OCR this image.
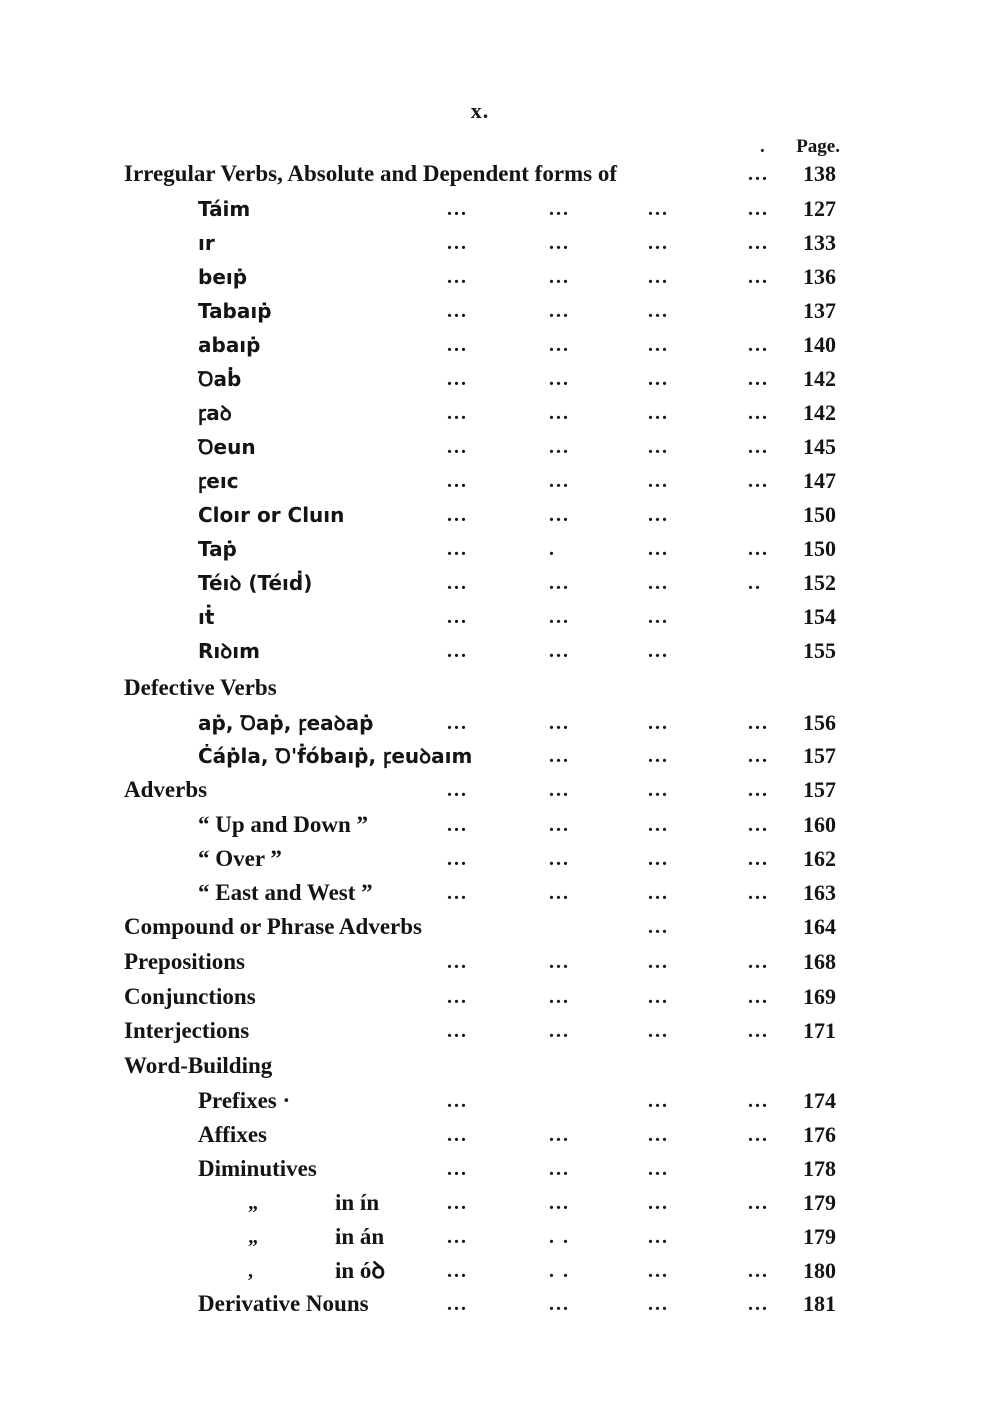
x.
. Page.
Irregular Verbs, Absolute and Dependent forms of	...	138
Táim	...	...	...	...	127
ır	...	...	...	...	133
beıṗ	...	...	...	...	136
Tabaıṗ	...	...	...	137
abaıṗ	...	...	...	...	140
Ꝺaḃ	...	...	...	...	142
ꝼaꝺ	...	...	...	...	142
Ꝺeun	...	...	...	...	145
ꝼeıc	...	...	...	...	147
Cloır or Cluın	...	...	...	150
Taṗ	...	.	...	...	150
Téıꝺ (Téıḋ)	...	...	...	..	152
ıṫ	...	...	...	154
Rıꝺım	...	...	...	155
Defective Verbs
aṗ, Ꝺaṗ, ꝼeaꝺaṗ	...	...	...	...	156
Ċáṗla, Ꝺ'ḟóbaıṗ, ꝼeuꝺaım	...	...	...	157
Adverbs	...	...	...	...	157
“ Up and Down ”	...	...	...	...	160
“ Over ”	...	...	...	...	162
“ East and West ”	...	...	...	...	163
Compound or Phrase Adverbs	...	164
Prepositions	...	...	...	...	168
Conjunctions	...	...	...	...	169
Interjections	...	...	...	...	171
Word-Building
Prefixes ·	...	...	...	174
Affixes	...	...	...	...	176
Diminutives	...	...	...	178
„	in ín	...	...	...	...	179
„	in án	...	. .	...	179
,	in óꝺ	...	. .	...	...	180
Derivative Nouns	...	...	...	...	181
